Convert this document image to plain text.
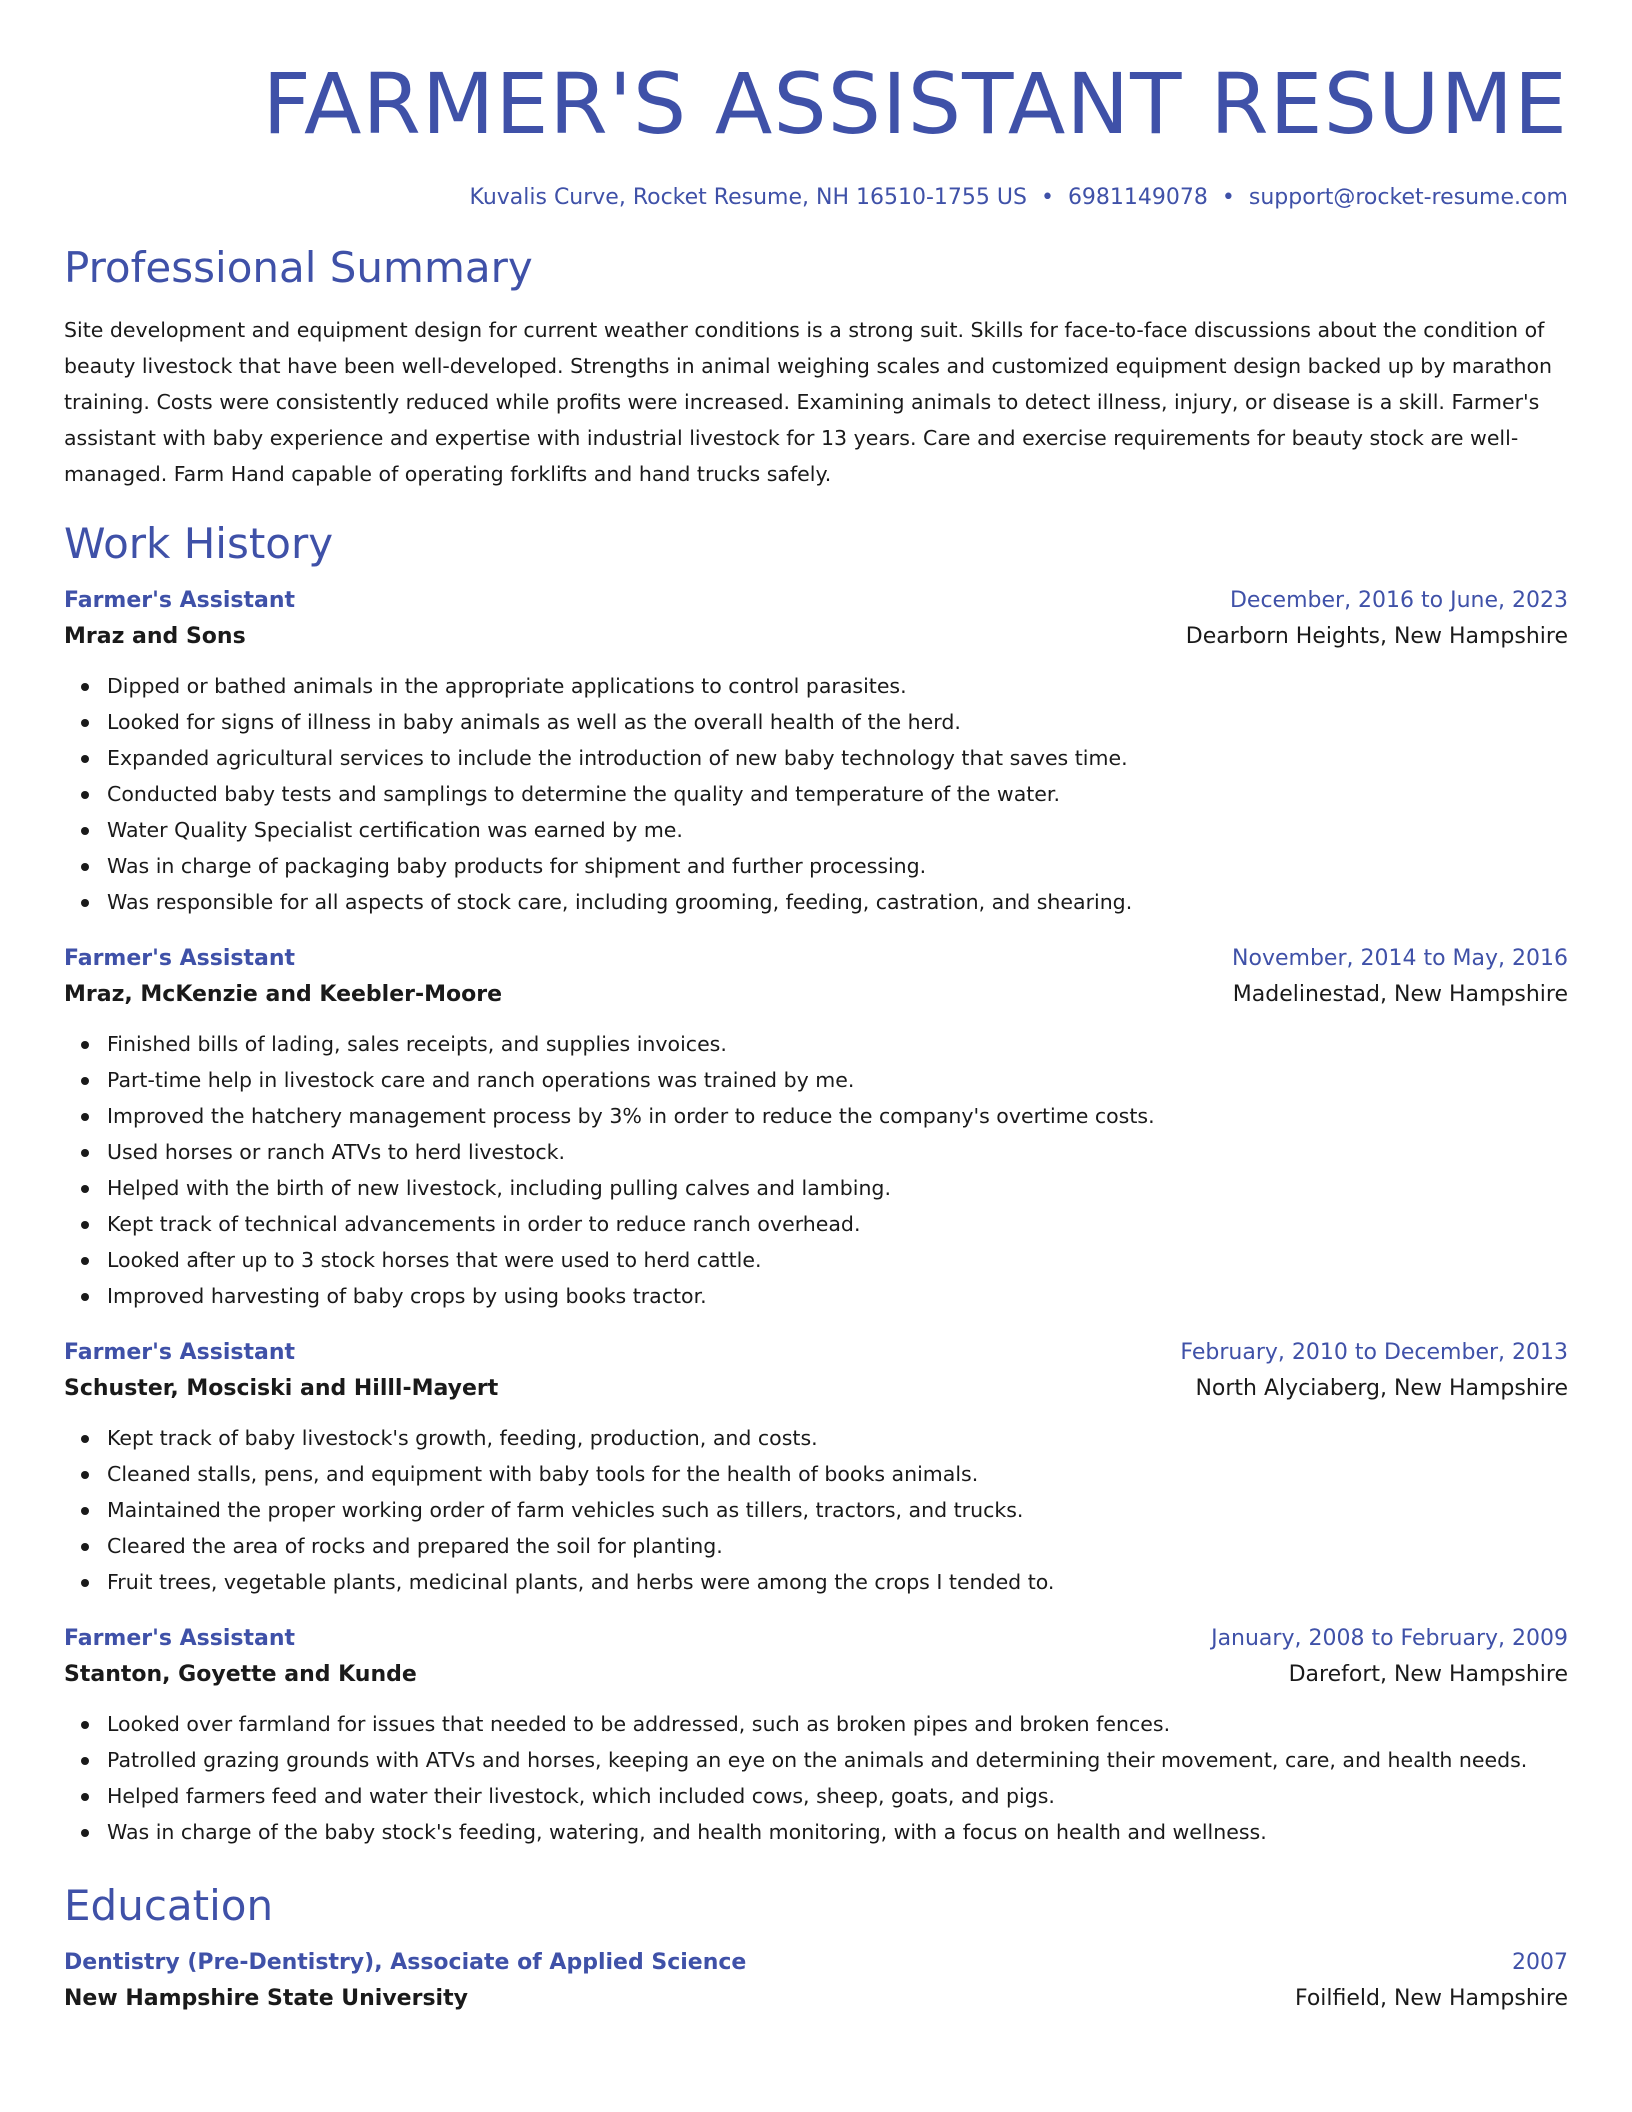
FARMER'S ASSISTANT RESUME
Kuvalis Curve, Rocket Resume, NH 16510-1755 US • 6981149078 • support@rocket-resume.com
Professional Summary

Site development and equipment design for current weather conditions is a strong suit. Skills for face-to-face discussions about the condition of beauty livestock that have been well-developed. Strengths in animal weighing scales and customized equipment design backed up by marathon training. Costs were consistently reduced while profits were increased. Examining animals to detect illness, injury, or disease is a skill. Farmer's assistant with baby experience and expertise with industrial livestock for 13 years. Care and exercise requirements for beauty stock are well-managed. Farm Hand capable of operating forklifts and hand trucks safely.

Work History
Farmer's Assistant	December, 2016 to June, 2023
Mraz and Sons	Dearborn Heights, New Hampshire
Dipped or bathed animals in the appropriate applications to control parasites.
Looked for signs of illness in baby animals as well as the overall health of the herd.
Expanded agricultural services to include the introduction of new baby technology that saves time.
Conducted baby tests and samplings to determine the quality and temperature of the water.
Water Quality Specialist certification was earned by me.
Was in charge of packaging baby products for shipment and further processing.
Was responsible for all aspects of stock care, including grooming, feeding, castration, and shearing.
Farmer's Assistant	November, 2014 to May, 2016
Mraz, McKenzie and Keebler-Moore	Madelinestad, New Hampshire
Finished bills of lading, sales receipts, and supplies invoices.
Part-time help in livestock care and ranch operations was trained by me.
Improved the hatchery management process by 3% in order to reduce the company's overtime costs.
Used horses or ranch ATVs to herd livestock.
Helped with the birth of new livestock, including pulling calves and lambing.
Kept track of technical advancements in order to reduce ranch overhead.
Looked after up to 3 stock horses that were used to herd cattle.
Improved harvesting of baby crops by using books tractor.
Farmer's Assistant	February, 2010 to December, 2013
Schuster, Mosciski and Hilll-Mayert	North Alyciaberg, New Hampshire
Kept track of baby livestock's growth, feeding, production, and costs.
Cleaned stalls, pens, and equipment with baby tools for the health of books animals.
Maintained the proper working order of farm vehicles such as tillers, tractors, and trucks.
Cleared the area of rocks and prepared the soil for planting.
Fruit trees, vegetable plants, medicinal plants, and herbs were among the crops I tended to.
Farmer's Assistant	January, 2008 to February, 2009
Stanton, Goyette and Kunde	Darefort, New Hampshire
Looked over farmland for issues that needed to be addressed, such as broken pipes and broken fences.
Patrolled grazing grounds with ATVs and horses, keeping an eye on the animals and determining their movement, care, and health needs.
Helped farmers feed and water their livestock, which included cows, sheep, goats, and pigs.
Was in charge of the baby stock's feeding, watering, and health monitoring, with a focus on health and wellness.
Education
Dentistry (Pre-Dentistry), Associate of Applied Science	2007
New Hampshire State University	Foilfield, New Hampshire
